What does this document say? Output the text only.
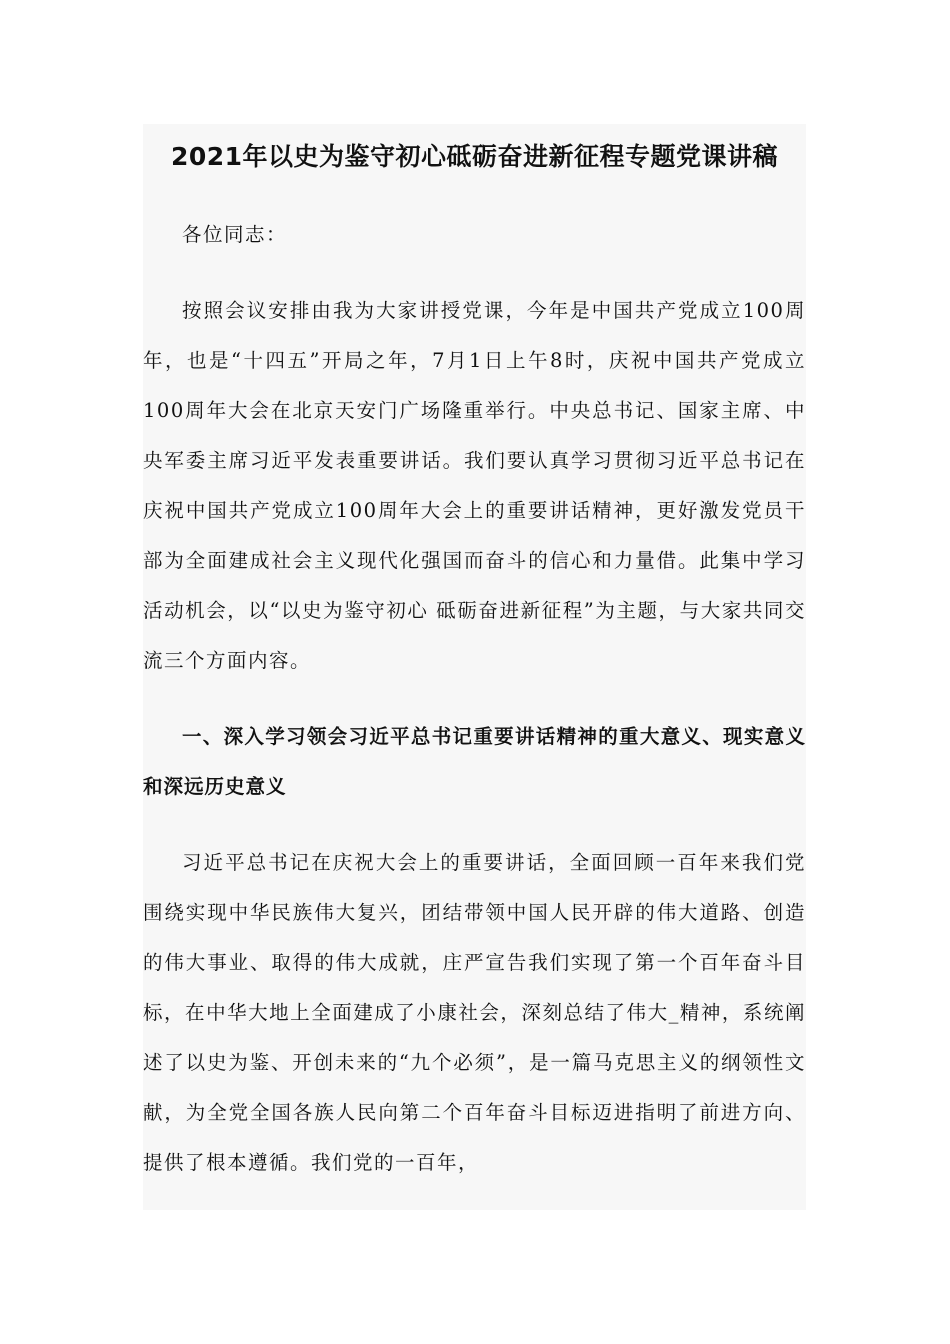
2021年以史为鉴守初心砥砺奋进新征程专题党课讲稿

各位同志：

按照会议安排由我为大家讲授党课，今年是中国共产党成立100周年，也是“十四五”开局之年，7月1日上午8时，庆祝中国共产党成立100周年大会在北京天安门广场隆重举行。中央总书记、国家主席、中央军委主席习近平发表重要讲话。我们要认真学习贯彻习近平总书记在庆祝中国共产党成立100周年大会上的重要讲话精神，更好激发党员干部为全面建成社会主义现代化强国而奋斗的信心和力量借。此集中学习活动机会，以“以史为鉴守初心 砥砺奋进新征程”为主题，与大家共同交流三个方面内容。

一、深入学习领会习近平总书记重要讲话精神的重大意义、现实意义和深远历史意义

习近平总书记在庆祝大会上的重要讲话，全面回顾一百年来我们党围绕实现中华民族伟大复兴，团结带领中国人民开辟的伟大道路、创造的伟大事业、取得的伟大成就，庄严宣告我们实现了第一个百年奋斗目标，在中华大地上全面建成了小康社会，深刻总结了伟大_精神，系统阐述了以史为鉴、开创未来的“九个必须”，是一篇马克思主义的纲领性文献，为全党全国各族人民向第二个百年奋斗目标迈进指明了前进方向、提供了根本遵循。我们党的一百年，
